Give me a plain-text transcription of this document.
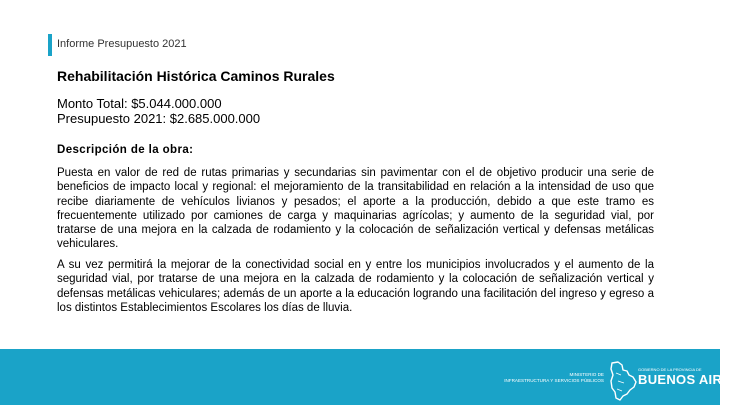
Informe Presupuesto 2021
Rehabilitación Histórica Caminos Rurales
Monto Total: $5.044.000.000
Presupuesto 2021: $2.685.000.000
Descripción de la obra:
Puesta en valor de red de rutas primarias y secundarias sin pavimentar con el de objetivo producir una serie de beneficios de impacto local y regional: el mejoramiento de la transitabilidad en relación a la intensidad de uso que recibe diariamente de vehículos livianos y pesados; el aporte a la producción, debido a que este tramo es frecuentemente utilizado por camiones de carga y maquinarias agrícolas; y aumento de la seguridad vial, por tratarse de una mejora en la calzada de rodamiento y la colocación de señalización vertical y defensas metálicas vehiculares.
A su vez permitirá la mejorar de la conectividad social en y entre los municipios involucrados y el aumento de la seguridad vial, por tratarse de una mejora en la calzada de rodamiento y la colocación de señalización vertical y defensas metálicas vehiculares; además de un aporte a la educación logrando una facilitación del ingreso y egreso a los distintos Establecimientos Escolares los días de lluvia.
MINISTERIO DE
INFRAESTRUCTURA Y SERVICIOS PÚBLICOS
GOBIERNO DE LA PROVINCIA DE
BUENOS AIRES
